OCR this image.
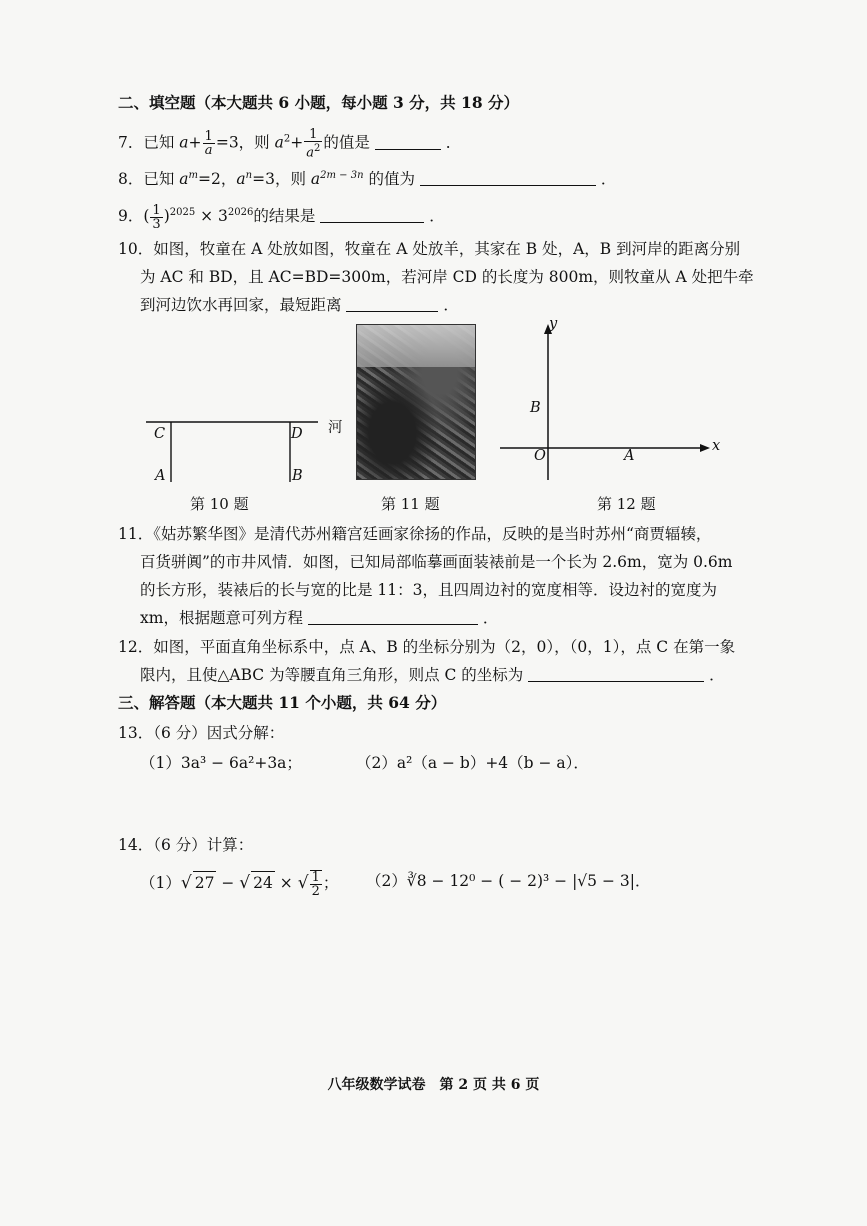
二、填空题（本大题共 6 小题，每小题 3 分，共 18 分）
7．已知 $a+ \frac{1}{a} =3$，则 $a^2+ \frac{1}{a^2}$ 的值是	．
8．已知 $a^m=2$，$a^n=3$，则 $a^{2m - 3n}$ 的值为	．
9．( $\frac{1}{3} )^{2025} \times 3^{2026}$的结果是	．
10．如图，牧童在 A 处放如图，牧童在 A 处放羊，其家在 B 处，A，B 到河岸的距离分别
为 AC 和 BD，且 AC=BD=300m，若河岸 CD 的长度为 800m，则牧童从 A 处把牛牵
到河边饮水再回家，最短距离	．
C	D
A	B
河
第 10 题	第 11 题
y
x
B
O	A
第 12 题
11．《姑苏繁华图》是清代苏州籍宫廷画家徐扬的作品，反映的是当时苏州“商贾辐辏，
百货骈阗”的市井风情．如图，已知局部临摹画面装裱前是一个长为 2.6m，宽为 0.6m
的长方形，装裱后的长与宽的比是 11：3，且四周边衬的宽度相等．设边衬的宽度为
xm，根据题意可列方程	．
12．如图，平面直角坐标系中，点 A、B 的坐标分别为（2，0），（0，1），点 C 在第一象
限内，且使△ABC 为等腰直角三角形，则点 C 的坐标为	．
三、解答题（本大题共 11 个小题，共 64 分）
13．（6 分）因式分解：
（1）3a³ − 6a²+3a；	（2）a²（a − b）+4（b − a）．
14．（6 分）计算：
（1）√ 27 − √ 24 × √ $\frac{1}{2}$ ； （2）∛8 − 12⁰ − ( − 2)³ − |√5 − 3|．
八年级数学试卷　第 2 页 共 6 页
